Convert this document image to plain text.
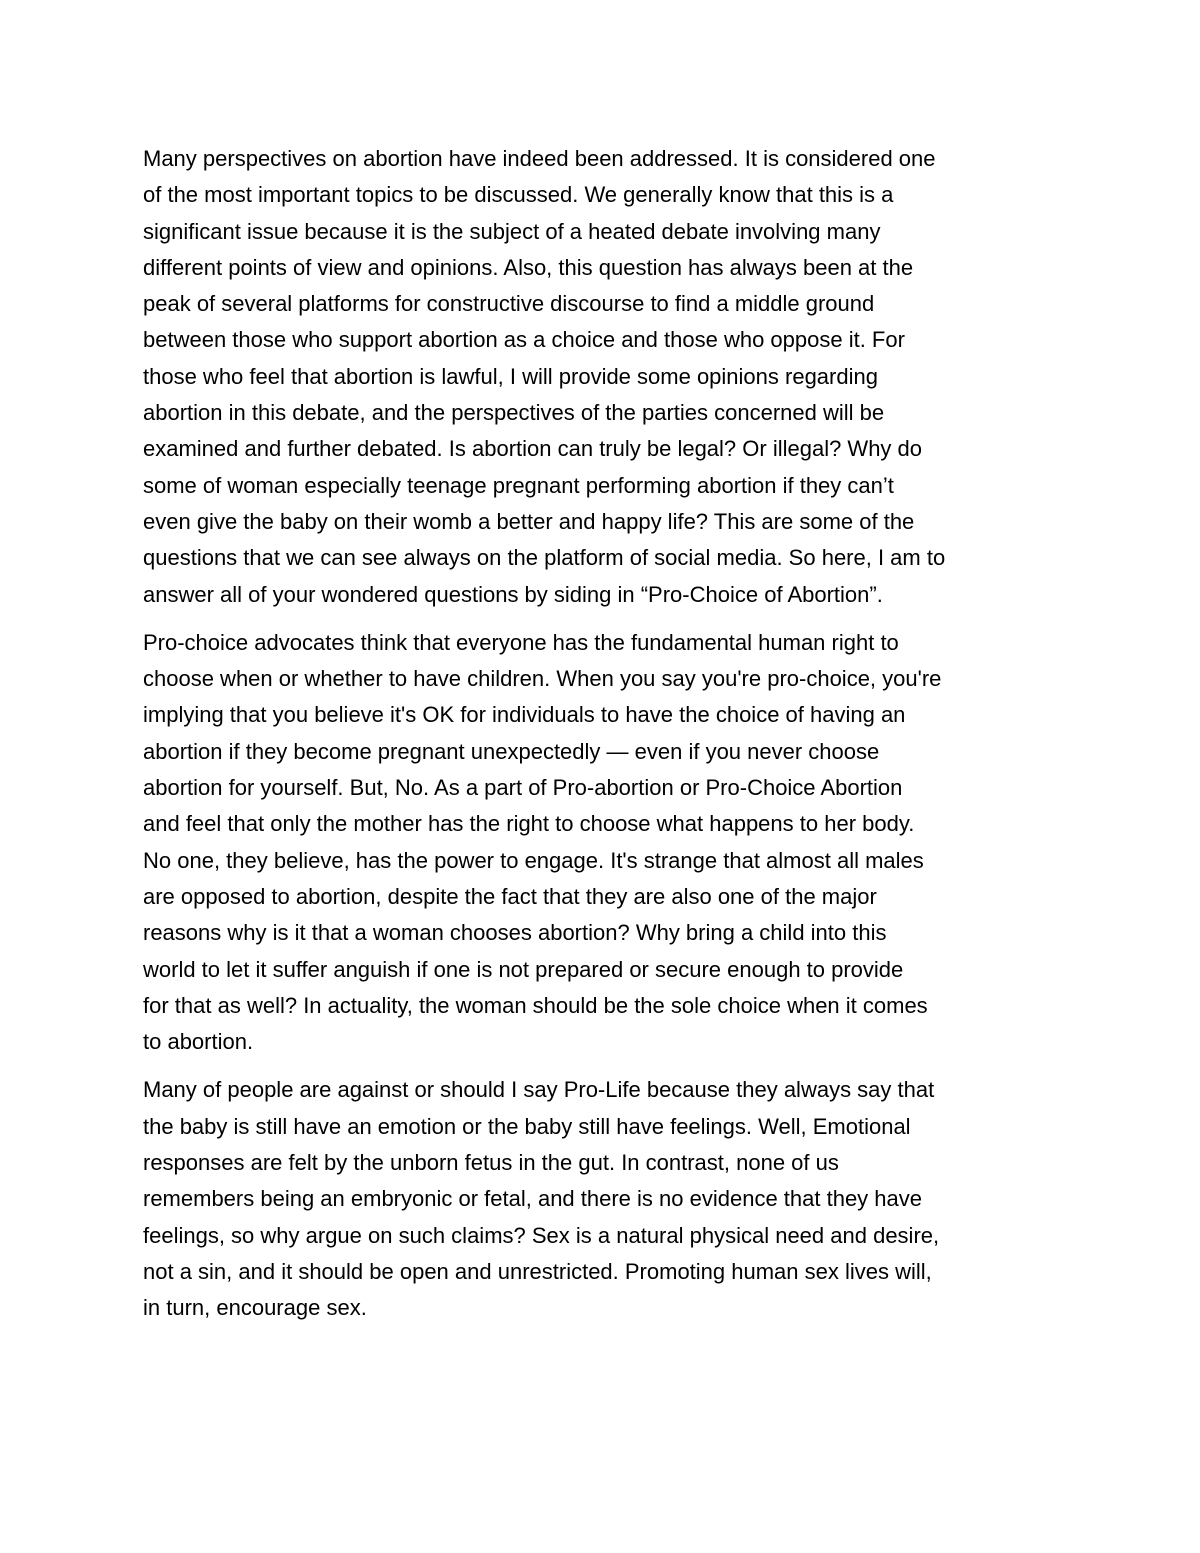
Many perspectives on abortion have indeed been addressed. It is considered one
of the most important topics to be discussed. We generally know that this is a
significant issue because it is the subject of a heated debate involving many
different points of view and opinions. Also, this question has always been at the
peak of several platforms for constructive discourse to find a middle ground
between those who support abortion as a choice and those who oppose it. For
those who feel that abortion is lawful, I will provide some opinions regarding
abortion in this debate, and the perspectives of the parties concerned will be
examined and further debated. Is abortion can truly be legal? Or illegal? Why do
some of woman especially teenage pregnant performing abortion if they can’t
even give the baby on their womb a better and happy life? This are some of the
questions that we can see always on the platform of social media. So here, I am to
answer all of your wondered questions by siding in “Pro-Choice of Abortion”.

Pro-choice advocates think that everyone has the fundamental human right to
choose when or whether to have children. When you say you're pro-choice, you're
implying that you believe it's OK for individuals to have the choice of having an
abortion if they become pregnant unexpectedly — even if you never choose
abortion for yourself. But, No. As a part of Pro-abortion or Pro-Choice Abortion
and feel that only the mother has the right to choose what happens to her body.
No one, they believe, has the power to engage. It's strange that almost all males
are opposed to abortion, despite the fact that they are also one of the major
reasons why is it that a woman chooses abortion? Why bring a child into this
world to let it suffer anguish if one is not prepared or secure enough to provide
for that as well? In actuality, the woman should be the sole choice when it comes
to abortion.

Many of people are against or should I say Pro-Life because they always say that
the baby is still have an emotion or the baby still have feelings. Well, Emotional
responses are felt by the unborn fetus in the gut. In contrast, none of us
remembers being an embryonic or fetal, and there is no evidence that they have
feelings, so why argue on such claims? Sex is a natural physical need and desire,
not a sin, and it should be open and unrestricted. Promoting human sex lives will,
in turn, encourage sex.
